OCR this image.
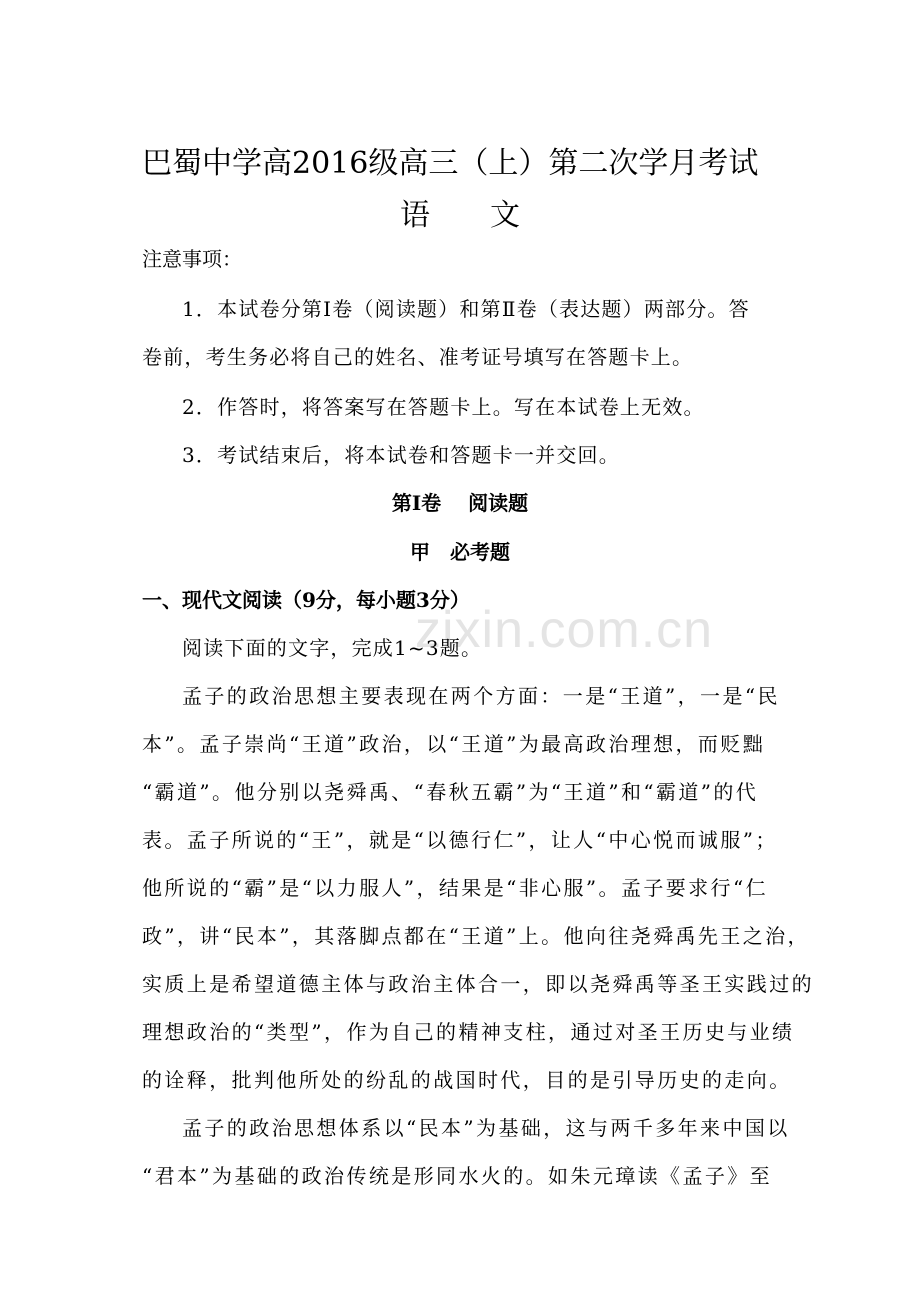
zixin.com.cn

巴蜀中学高2016级高三（上）第二次学月考试

语文

注意事项：

1．本试卷分第Ⅰ卷（阅读题）和第Ⅱ卷（表达题）两部分。答

卷前，考生务必将自己的姓名、准考证号填写在答题卡上。

2．作答时，将答案写在答题卡上。写在本试卷上无效。

3．考试结束后，将本试卷和答题卡一并交回。

第Ⅰ卷　 阅读题

甲　必考题

一、现代文阅读（9分，每小题3分）

阅读下面的文字，完成1~3题。

孟子的政治思想主要表现在两个方面：一是“王道”，一是“民

本”。孟子崇尚“王道”政治，以“王道”为最高政治理想，而贬黜

“霸道”。他分别以尧舜禹、“春秋五霸”为“王道”和“霸道”的代

表。孟子所说的“王”，就是“以德行仁”，让人“中心悦而诚服”；

他所说的“霸”是“以力服人”，结果是“非心服”。孟子要求行“仁

政”，讲“民本”，其落脚点都在“王道”上。他向往尧舜禹先王之治，

实质上是希望道德主体与政治主体合一，即以尧舜禹等圣王实践过的

理想政治的“类型”，作为自己的精神支柱，通过对圣王历史与业绩

的诠释，批判他所处的纷乱的战国时代，目的是引导历史的走向。

孟子的政治思想体系以“民本”为基础，这与两千多年来中国以

“君本”为基础的政治传统是形同水火的。如朱元璋读《孟子》至
